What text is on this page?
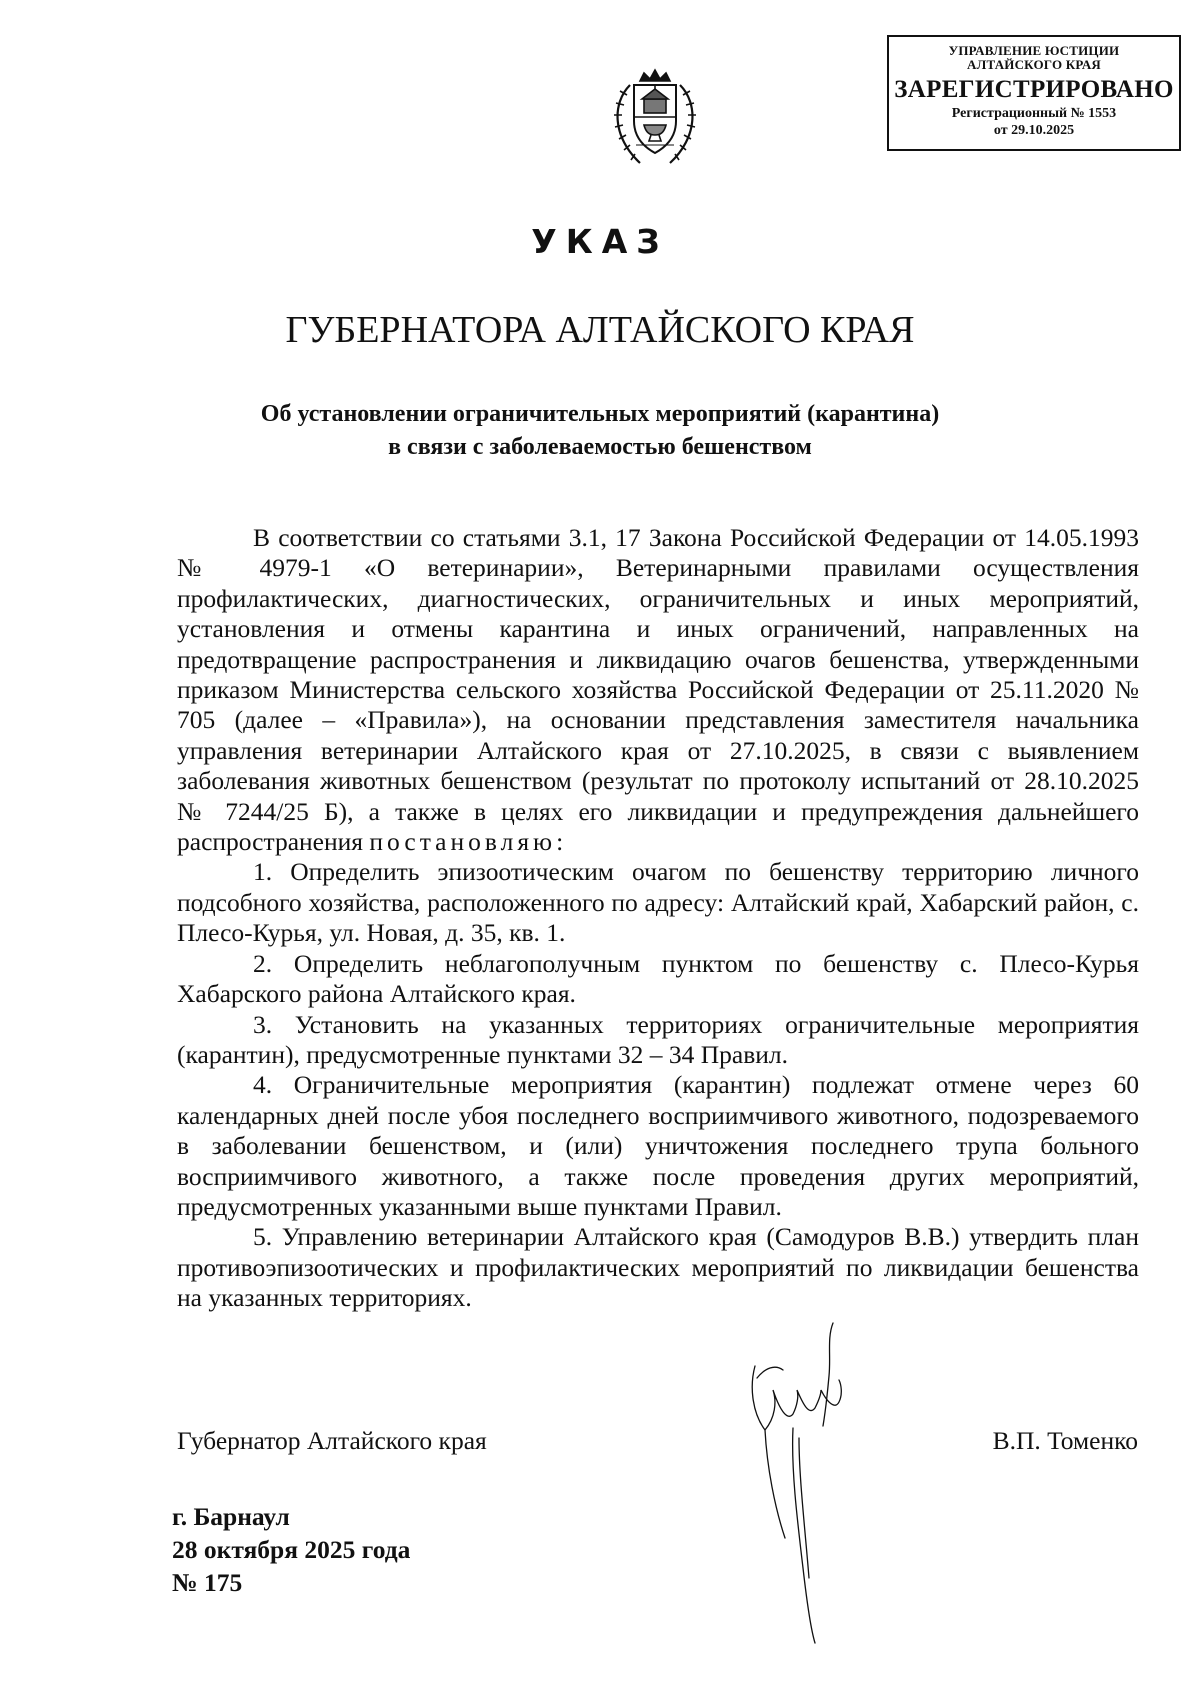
УПРАВЛЕНИЕ ЮСТИЦИИ
АЛТАЙСКОГО КРАЯ
ЗАРЕГИСТРИРОВАНО
Регистрационный № 1553
от 29.10.2025
УКАЗ
ГУБЕРНАТОРА АЛТАЙСКОГО КРАЯ
Об установлении ограничительных мероприятий (карантина)
в связи с заболеваемостью бешенством

В соответствии со статьями 3.1, 17 Закона Российской Федерации от 14.05.1993 № 4979-1 «О ветеринарии», Ветеринарными правилами осуществления профилактических, диагностических, ограничительных и иных мероприятий, установления и отмены карантина и иных ограничений, направленных на предотвращение распространения и ликвидацию очагов бешенства, утвержденными приказом Министерства сельского хозяйства Российской Федерации от 25.11.2020 № 705 (далее – «Правила»), на основании представления заместителя начальника управления ветеринарии Алтайского края от 27.10.2025, в связи с выявлением заболевания животных бешенством (результат по протоколу испытаний от 28.10.2025 № 7244/25 Б), а также в целях его ликвидации и предупреждения дальнейшего распространения постановляю:

1. Определить эпизоотическим очагом по бешенству территорию личного подсобного хозяйства, расположенного по адресу: Алтайский край, Хабарский район, с. Плесо-Курья, ул. Новая, д. 35, кв. 1.

2. Определить неблагополучным пунктом по бешенству с. Плесо-Курья Хабарского района Алтайского края.

3. Установить на указанных территориях ограничительные мероприятия (карантин), предусмотренные пунктами 32 – 34 Правил.

4. Ограничительные мероприятия (карантин) подлежат отмене через 60 календарных дней после убоя последнего восприимчивого животного, подозреваемого в заболевании бешенством, и (или) уничтожения последнего трупа больного восприимчивого животного, а также после проведения других мероприятий, предусмотренных указанными выше пунктами Правил.

5. Управлению ветеринарии Алтайского края (Самодуров В.В.) утвердить план противоэпизоотических и профилактических мероприятий по ликвидации бешенства на указанных территориях.

Губернатор Алтайского края	В.П. Томенко
г. Барнаул
28 октября 2025 года
№ 175
